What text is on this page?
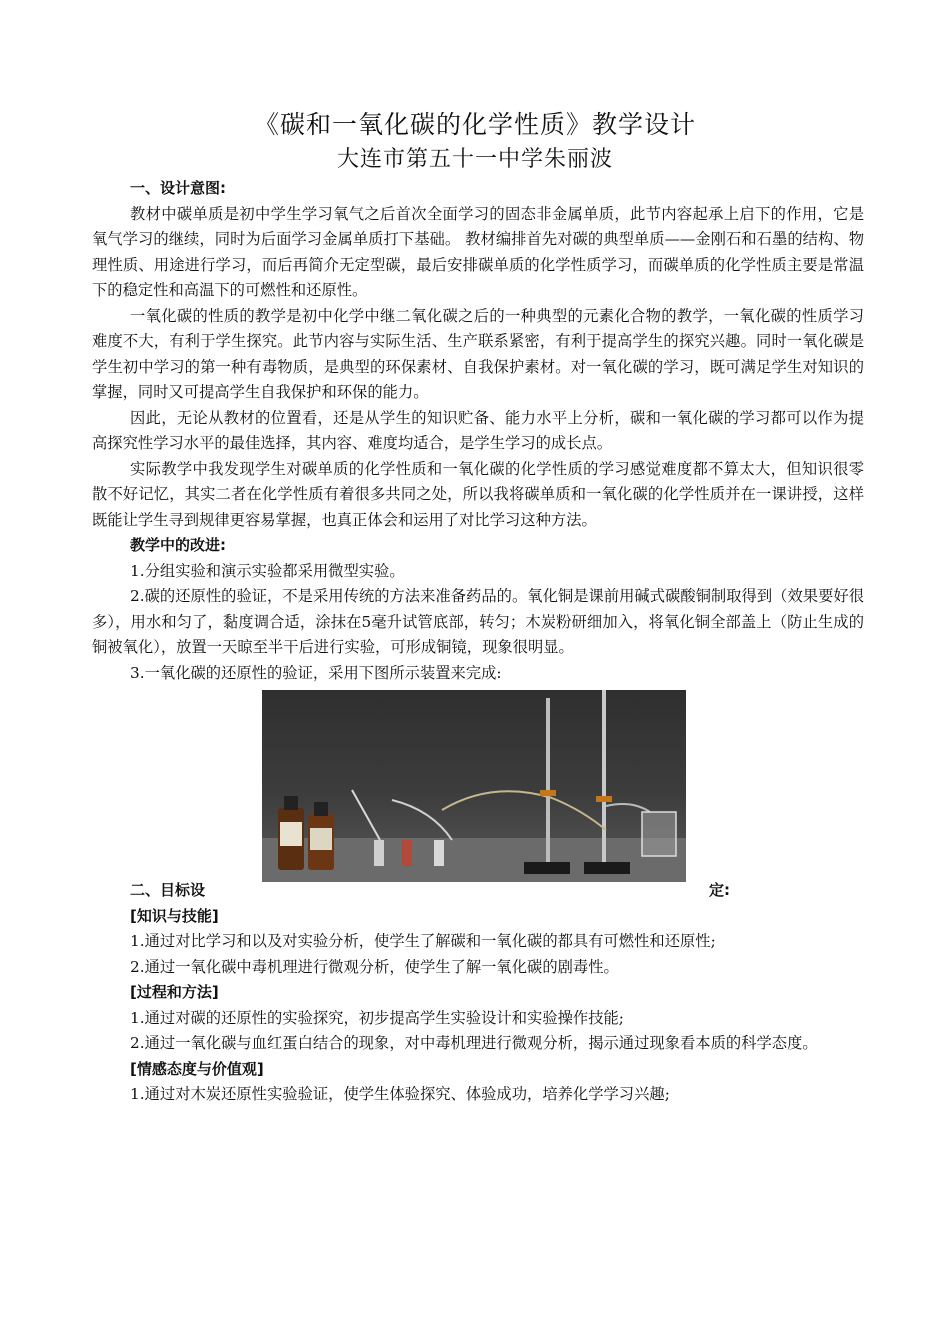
《碳和一氧化碳的化学性质》教学设计
大连市第五十一中学朱丽波

一、设计意图:

教材中碳单质是初中学生学习氧气之后首次全面学习的固态非金属单质，此节内容起承上启下的作用，它是氧气学习的继续，同时为后面学习金属单质打下基础。 教材编排首先对碳的典型单质——金刚石和石墨的结构、物理性质、用途进行学习，而后再简介无定型碳，最后安排碳单质的化学性质学习，而碳单质的化学性质主要是常温下的稳定性和高温下的可燃性和还原性。

一氧化碳的性质的教学是初中化学中继二氧化碳之后的一种典型的元素化合物的教学，一氧化碳的性质学习难度不大，有利于学生探究。此节内容与实际生活、生产联系紧密，有利于提高学生的探究兴趣。同时一氧化碳是学生初中学习的第一种有毒物质，是典型的环保素材、自我保护素材。对一氧化碳的学习，既可满足学生对知识的掌握，同时又可提高学生自我保护和环保的能力。

因此，无论从教材的位置看，还是从学生的知识贮备、能力水平上分析，碳和一氧化碳的学习都可以作为提高探究性学习水平的最佳选择，其内容、难度均适合，是学生学习的成长点。

实际教学中我发现学生对碳单质的化学性质和一氧化碳的化学性质的学习感觉难度都不算太大，但知识很零散不好记忆，其实二者在化学性质有着很多共同之处，所以我将碳单质和一氧化碳的化学性质并在一课讲授，这样既能让学生寻到规律更容易掌握，也真正体会和运用了对比学习这种方法。

教学中的改进:

1.分组实验和演示实验都采用微型实验。

2.碳的还原性的验证，不是采用传统的方法来准备药品的。氧化铜是课前用碱式碳酸铜制取得到（效果要好很多），用水和匀了，黏度调合适，涂抹在5毫升试管底部，转匀；木炭粉研细加入，将氧化铜全部盖上（防止生成的铜被氧化），放置一天晾至半干后进行实验，可形成铜镜，现象很明显。

3.一氧化碳的还原性的验证，采用下图所示装置来完成:

二、目标设	定:

[知识与技能]

1.通过对比学习和以及对实验分析，使学生了解碳和一氧化碳的都具有可燃性和还原性;

2.通过一氧化碳中毒机理进行微观分析，使学生了解一氧化碳的剧毒性。

[过程和方法]

1.通过对碳的还原性的实验探究，初步提高学生实验设计和实验操作技能;

2.通过一氧化碳与血红蛋白结合的现象，对中毒机理进行微观分析，揭示通过现象看本质的科学态度。

[情感态度与价值观]

1.通过对木炭还原性实验验证，使学生体验探究、体验成功，培养化学学习兴趣;
